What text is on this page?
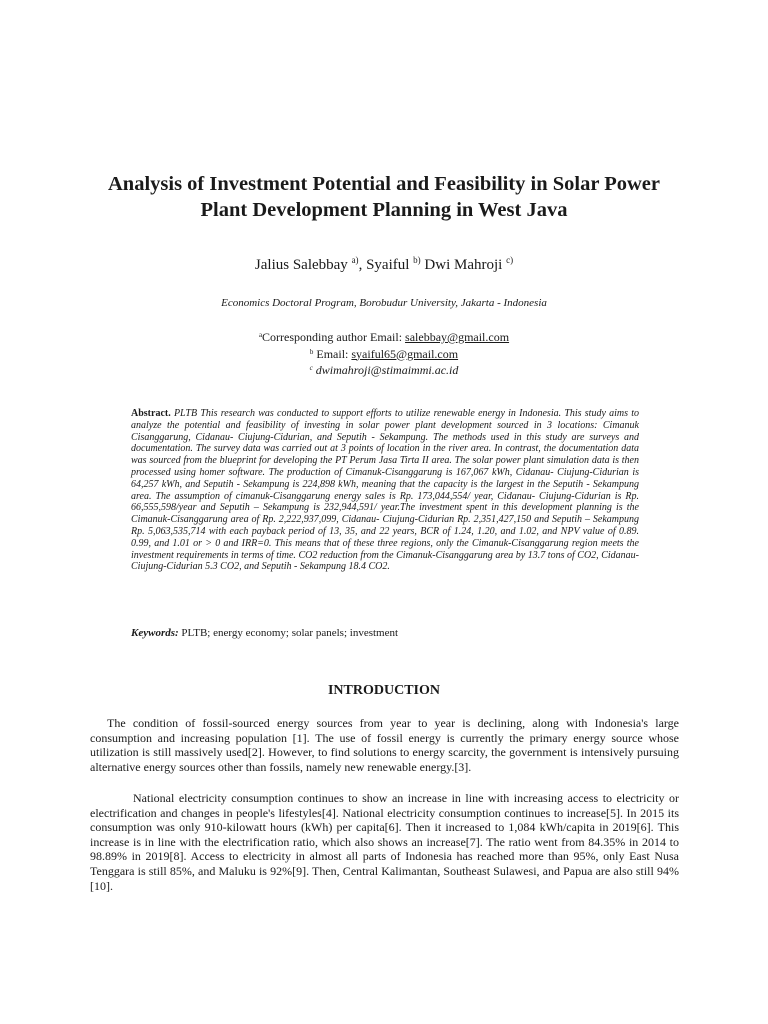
Analysis of Investment Potential and Feasibility in Solar Power Plant Development Planning in West Java
Jalius Salebbay $^{a)}$, Syaiful $^{b)}$ Dwi Mahroji $^{c)}$
Economics Doctoral Program, Borobudur University, Jakarta - Indonesia
$^a$Corresponding author Email: salebbay@gmail.com
$^b$ Email: syaiful65@gmail.com
$^c$ dwimahroji@stimaimmi.ac.id
Abstract. PLTB This research was conducted to support efforts to utilize renewable energy in Indonesia. This study aims to analyze the potential and feasibility of investing in solar power plant development sourced in 3 locations: Cimanuk Cisanggarung, Cidanau- Ciujung-Cidurian, and Seputih - Sekampung. The methods used in this study are surveys and documentation. The survey data was carried out at 3 points of location in the river area. In contrast, the documentation data was sourced from the blueprint for developing the PT Perum Jasa Tirta II area. The solar power plant simulation data is then processed using homer software. The production of Cimanuk-Cisanggarung is 167,067 kWh, Cidanau- Ciujung-Cidurian is 64,257 kWh, and Seputih - Sekampung is 224,898 kWh, meaning that the capacity is the largest in the Seputih - Sekampung area. The assumption of cimanuk-Cisanggarung energy sales is Rp. 173,044,554/ year, Cidanau- Ciujung-Cidurian is Rp. 66,555,598/year and Seputih – Sekampung is 232,944,591/ year.The investment spent in this development planning is the Cimanuk-Cisanggarung area of Rp. 2,222,937,099, Cidanau- Ciujung-Cidurian Rp. 2,351,427,150 and Seputih – Sekampung Rp. 5,063,535,714 with each payback period of 13, 35, and 22 years, BCR of 1.24, 1.20, and 1.02, and NPV value of 0.89. 0.99, and 1.01 or > 0 and IRR=0. This means that of these three regions, only the Cimanuk-Cisanggarung region meets the investment requirements in terms of time. CO2 reduction from the Cimanuk-Cisanggarung area by 13.7 tons of CO2, Cidanau- Ciujung-Cidurian 5.3 CO2, and Seputih - Sekampung 18.4 CO2.
Keywords: PLTB; energy economy; solar panels; investment
INTRODUCTION
The condition of fossil-sourced energy sources from year to year is declining, along with Indonesia's large consumption and increasing population [1]. The use of fossil energy is currently the primary energy source whose utilization is still massively used[2]. However, to find solutions to energy scarcity, the government is intensively pursuing alternative energy sources other than fossils, namely new renewable energy.[3].
National electricity consumption continues to show an increase in line with increasing access to electricity or electrification and changes in people's lifestyles[4]. National electricity consumption continues to increase[5]. In 2015 its consumption was only 910-kilowatt hours (kWh) per capita[6]. Then it increased to 1,084 kWh/capita in 2019[6]. This increase is in line with the electrification ratio, which also shows an increase[7]. The ratio went from 84.35% in 2014 to 98.89% in 2019[8]. Access to electricity in almost all parts of Indonesia has reached more than 95%, only East Nusa Tenggara is still 85%, and Maluku is 92%[9]. Then, Central Kalimantan, Southeast Sulawesi, and Papua are also still 94%[10].
